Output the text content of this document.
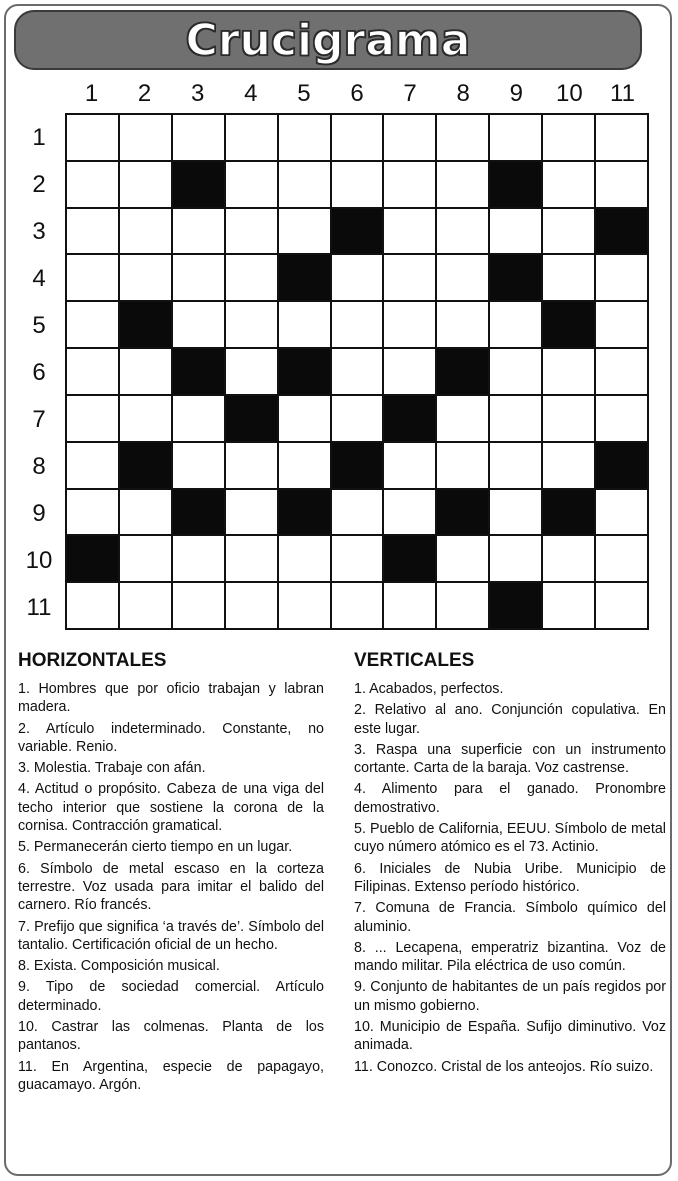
Crucigrama
1	2	3	4	5	6	7	8	9	10	11
1
2
3
4
5
6
7
8
9
10
11
HORIZONTALES
1. Hombres que por oficio trabajan y labran madera.
2. Artículo indeterminado. Constante, no variable. Renio.
3. Molestia. Trabaje con afán.
4. Actitud o propósito. Cabeza de una viga del techo interior que sostiene la corona de la cornisa. Contracción gramatical.
5. Permanecerán cierto tiempo en un lugar.
6. Símbolo de metal escaso en la corteza terrestre. Voz usada para imitar el balido del carnero. Río francés.
7. Prefijo que significa ‘a través de’. Símbolo del tantalio. Certificación oficial de un hecho.
8. Exista. Composición musical.
9. Tipo de sociedad comercial. Artículo determinado.
10. Castrar las colmenas. Planta de los pantanos.
11. En Argentina, especie de papagayo, guacamayo. Argón.
VERTICALES
1. Acabados, perfectos.
2. Relativo al ano. Conjunción copulativa. En este lugar.
3. Raspa una superficie con un instrumento cortante. Carta de la baraja. Voz castrense.
4. Alimento para el ganado. Pronombre demostrativo.
5. Pueblo de California, EEUU. Símbolo de metal cuyo número atómico es el 73. Actinio.
6. Iniciales de Nubia Uribe. Municipio de Filipinas. Extenso período histórico.
7. Comuna de Francia. Símbolo químico del aluminio.
8. ... Lecapena, emperatriz bizantina. Voz de mando militar. Pila eléctrica de uso común.
9. Conjunto de habitantes de un país regidos por un mismo gobierno.
10. Municipio de España. Sufijo diminutivo. Voz animada.
11. Conozco. Cristal de los anteojos. Río suizo.
